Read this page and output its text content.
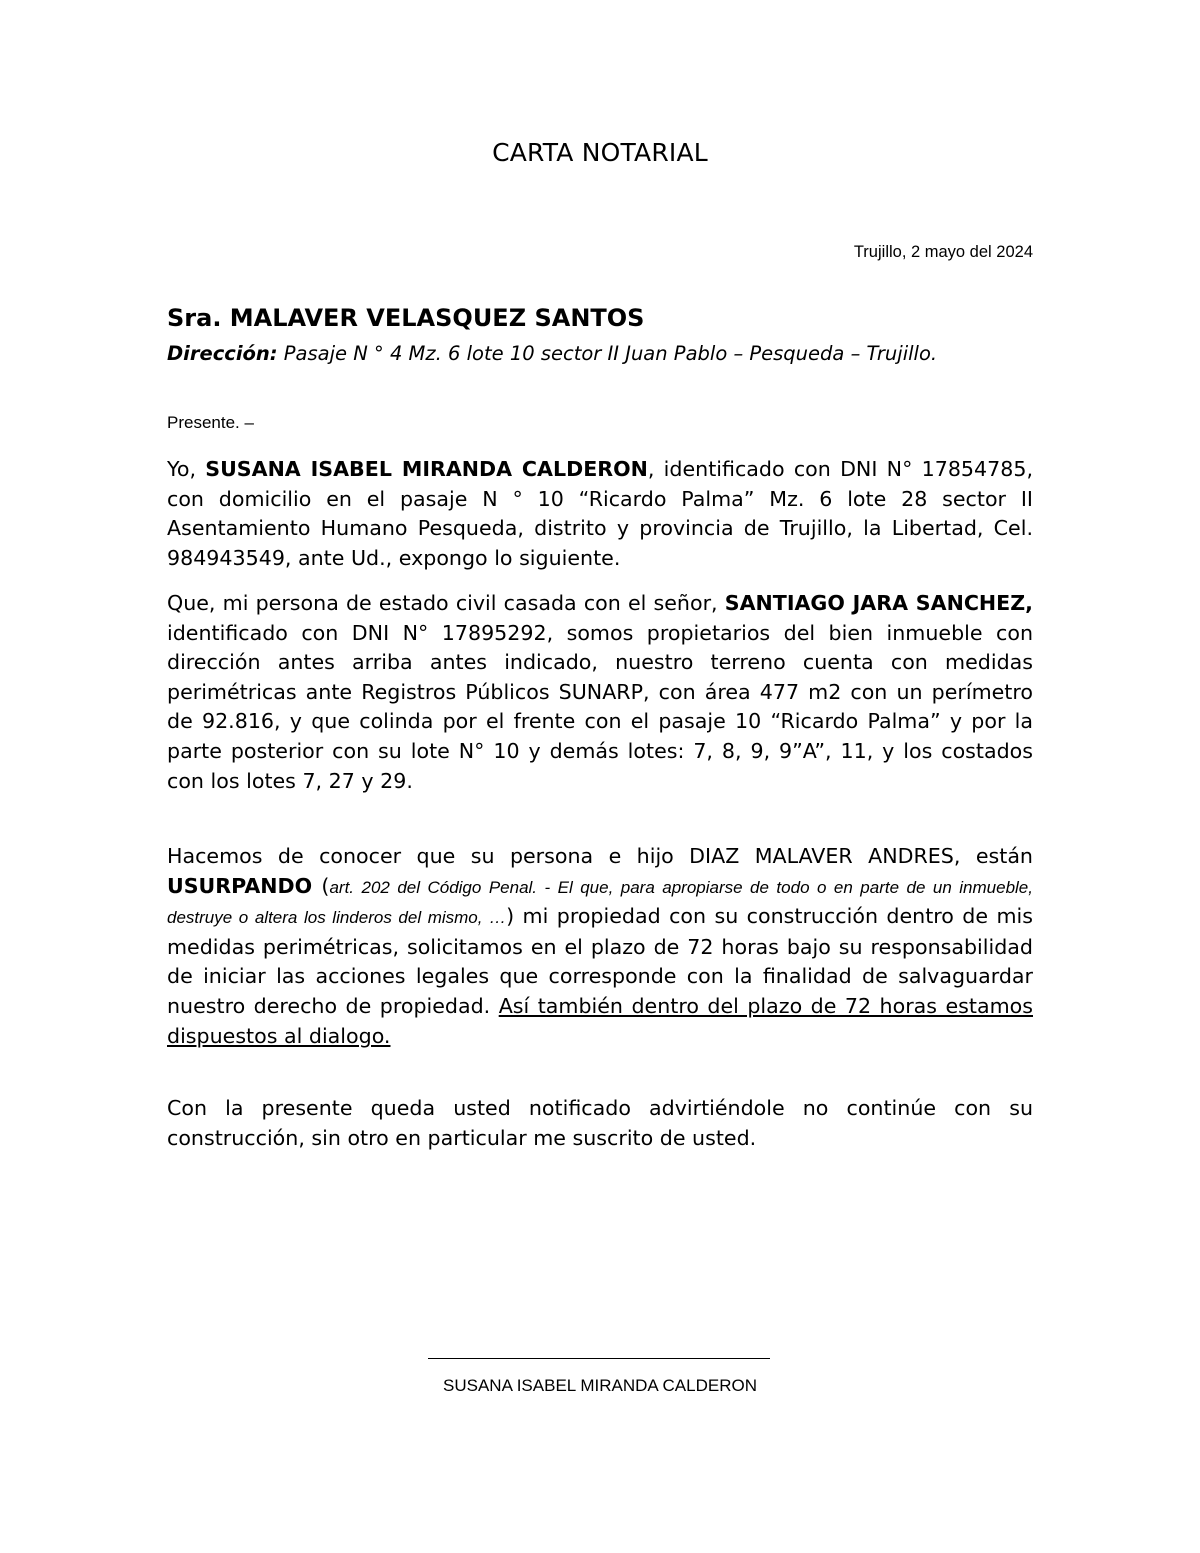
CARTA NOTARIAL
Trujillo, 2 mayo del 2024
Sra. MALAVER VELASQUEZ SANTOS
Dirección: Pasaje N ° 4 Mz. 6 lote 10 sector II Juan Pablo – Pesqueda – Trujillo.
Presente. –

Yo, SUSANA ISABEL MIRANDA CALDERON, identificado con DNI N° 17854785, con domicilio en el pasaje N ° 10 “Ricardo Palma” Mz. 6 lote 28 sector II Asentamiento Humano Pesqueda, distrito y provincia de Trujillo, la Libertad, Cel. 984943549, ante Ud., expongo lo siguiente.

Que, mi persona de estado civil casada con el señor, SANTIAGO JARA SANCHEZ, identificado con DNI N° 17895292, somos propietarios del bien inmueble con dirección antes arriba antes indicado, nuestro terreno cuenta con medidas perimétricas ante Registros Públicos SUNARP, con área 477 m2 con un perímetro de 92.816, y que colinda por el frente con el pasaje 10 “Ricardo Palma” y por la parte posterior con su lote N° 10 y demás lotes: 7, 8, 9, 9”A”, 11, y los costados con los lotes 7, 27 y 29.

Hacemos de conocer que su persona e hijo DIAZ MALAVER ANDRES, están USURPANDO (art. 202 del Código Penal. - El que, para apropiarse de todo o en parte de un inmueble, destruye o altera los linderos del mismo, …) mi propiedad con su construcción dentro de mis medidas perimétricas, solicitamos en el plazo de 72 horas bajo su responsabilidad de iniciar las acciones legales que corresponde con la finalidad de salvaguardar nuestro derecho de propiedad. Así también dentro del plazo de 72 horas estamos dispuestos al dialogo.

Con la presente queda usted notificado advirtiéndole no continúe con su construcción, sin otro en particular me suscrito de usted.

SUSANA ISABEL MIRANDA CALDERON
